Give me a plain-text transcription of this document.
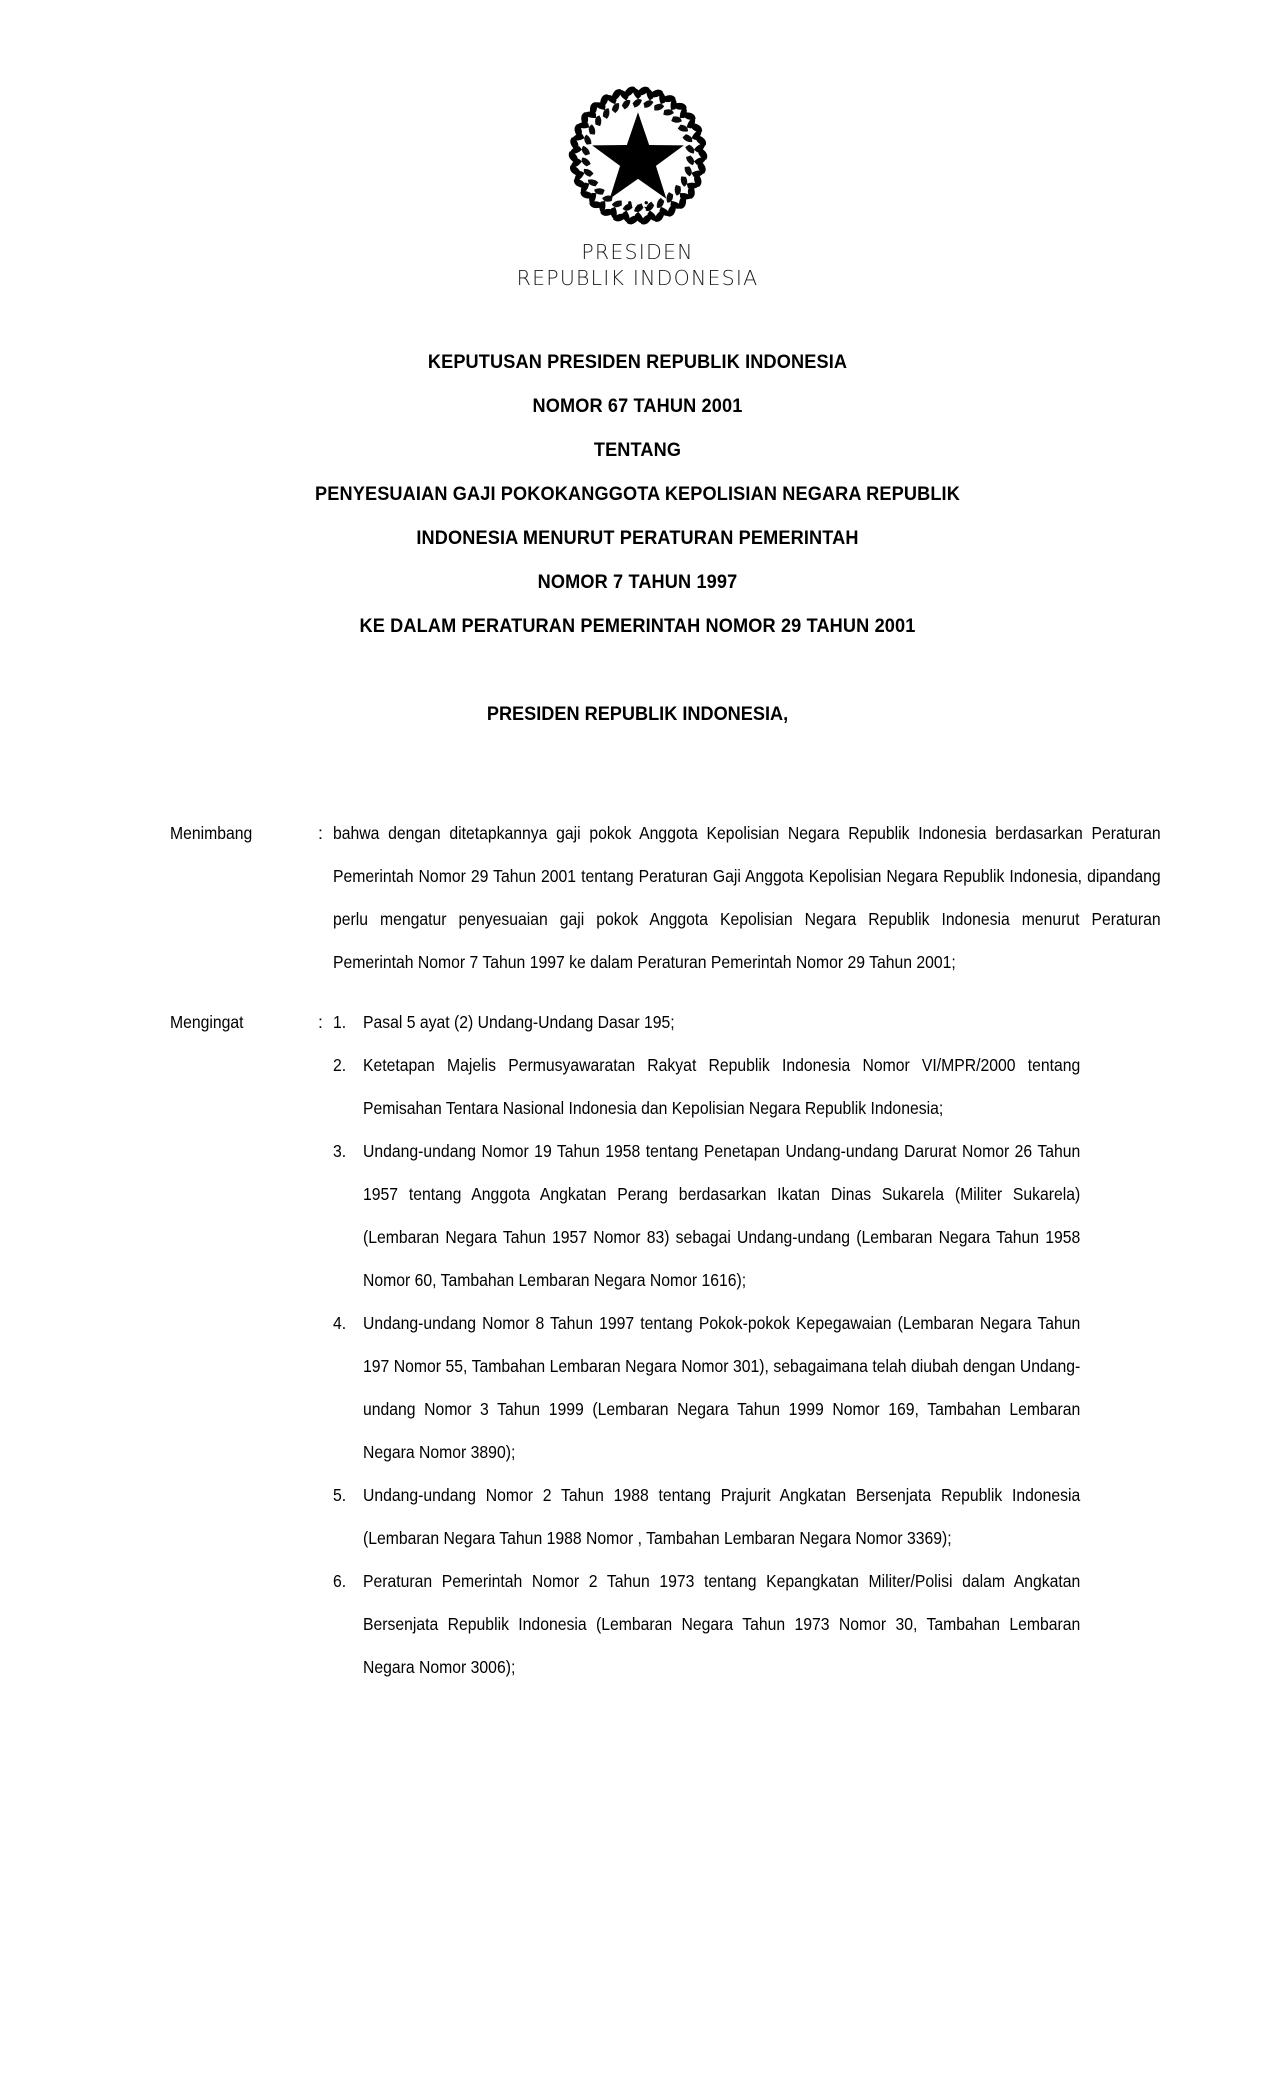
PRESIDEN
REPUBLIK INDONESIA
KEPUTUSAN PRESIDEN REPUBLIK INDONESIA
NOMOR 67 TAHUN 2001
TENTANG
PENYESUAIAN GAJI POKOKANGGOTA KEPOLISIAN NEGARA REPUBLIK
INDONESIA MENURUT PERATURAN PEMERINTAH
NOMOR 7 TAHUN 1997
KE DALAM PERATURAN PEMERINTAH NOMOR 29 TAHUN 2001
PRESIDEN REPUBLIK INDONESIA,
Menimbang	: bahwa dengan ditetapkannya gaji pokok Anggota Kepolisian Negara Republik Indonesia berdasarkan Peraturan Pemerintah Nomor 29 Tahun 2001 tentang Peraturan Gaji Anggota Kepolisian Negara Republik Indonesia, dipandang perlu mengatur penyesuaian gaji pokok Anggota Kepolisian Negara Republik Indonesia menurut Peraturan Pemerintah Nomor 7 Tahun 1997 ke dalam Peraturan Pemerintah Nomor 29 Tahun 2001;
Mengingat	: 1. Pasal 5 ayat (2) Undang-Undang Dasar 195;
2. Ketetapan Majelis Permusyawaratan Rakyat Republik Indonesia Nomor VI/MPR/2000 tentang Pemisahan Tentara Nasional Indonesia dan Kepolisian Negara Republik Indonesia;
3. Undang-undang Nomor 19 Tahun 1958 tentang Penetapan Undang-undang Darurat Nomor 26 Tahun 1957 tentang Anggota Angkatan Perang berdasarkan Ikatan Dinas Sukarela (Militer Sukarela) (Lembaran Negara Tahun 1957 Nomor 83) sebagai Undang-undang (Lembaran Negara Tahun 1958 Nomor 60, Tambahan Lembaran Negara Nomor 1616);
4. Undang-undang Nomor 8 Tahun 1997 tentang Pokok-pokok Kepegawaian (Lembaran Negara Tahun 197 Nomor 55, Tambahan Lembaran Negara Nomor 301), sebagaimana telah diubah dengan Undang-undang Nomor 3 Tahun 1999 (Lembaran Negara Tahun 1999 Nomor 169, Tambahan Lembaran Negara Nomor 3890);
5. Undang-undang Nomor 2 Tahun 1988 tentang Prajurit Angkatan Bersenjata Republik Indonesia (Lembaran Negara Tahun 1988 Nomor , Tambahan Lembaran Negara Nomor 3369);
6. Peraturan Pemerintah Nomor 2 Tahun 1973 tentang Kepangkatan Militer/Polisi dalam Angkatan Bersenjata Republik Indonesia (Lembaran Negara Tahun 1973 Nomor 30, Tambahan Lembaran Negara Nomor 3006);
